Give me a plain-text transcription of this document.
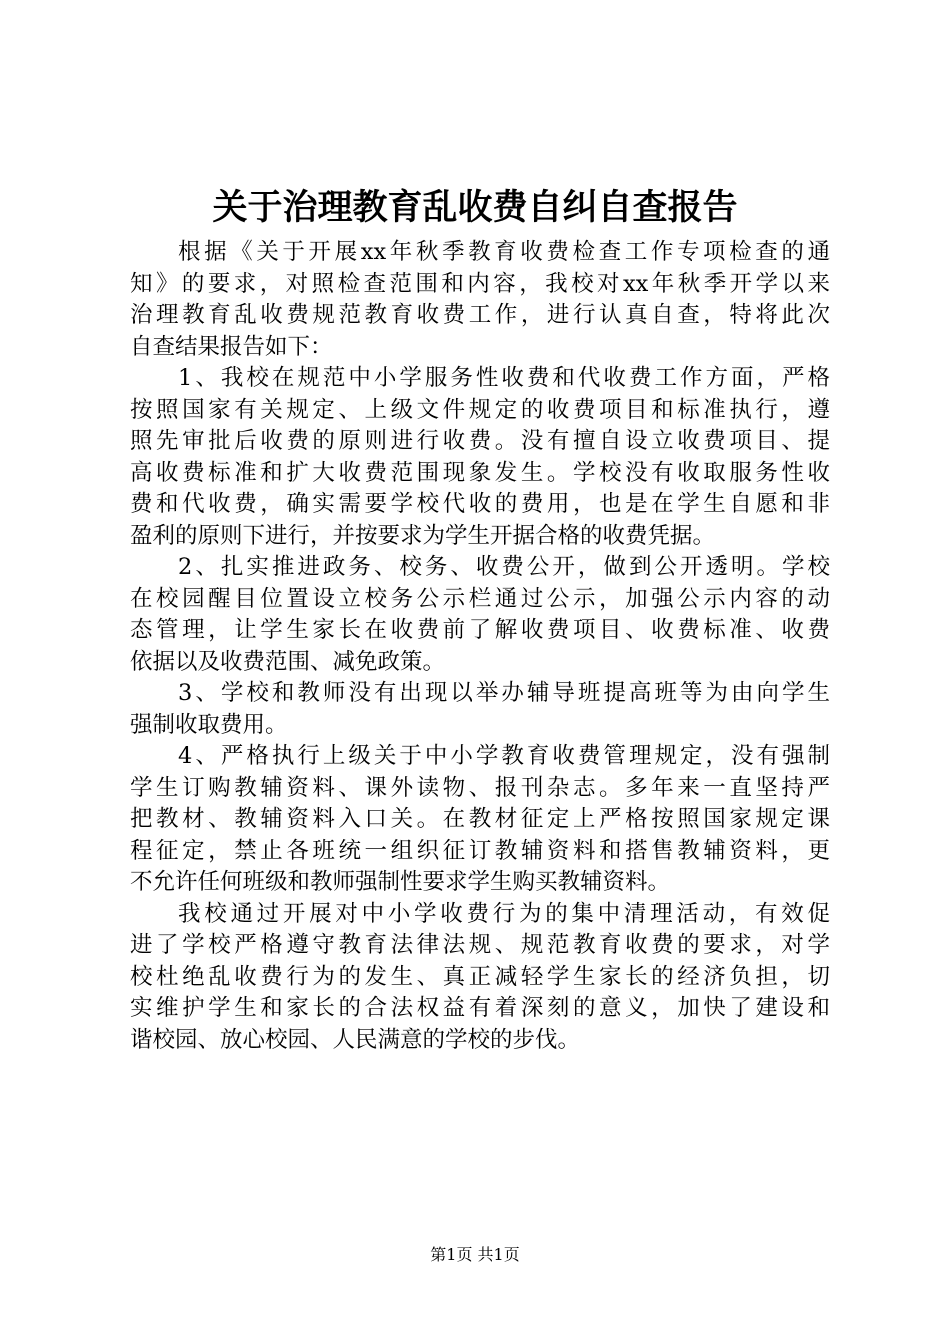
关于治理教育乱收费自纠自查报告
根据《关于开展xx年秋季教育收费检查工作专项检查的通
知》的要求，对照检查范围和内容，我校对xx年秋季开学以来
治理教育乱收费规范教育收费工作，进行认真自查，特将此次
自查结果报告如下：
1、我校在规范中小学服务性收费和代收费工作方面，严格
按照国家有关规定、上级文件规定的收费项目和标准执行，遵
照先审批后收费的原则进行收费。没有擅自设立收费项目、提
高收费标准和扩大收费范围现象发生。学校没有收取服务性收
费和代收费，确实需要学校代收的费用，也是在学生自愿和非
盈利的原则下进行，并按要求为学生开据合格的收费凭据。
2、扎实推进政务、校务、收费公开，做到公开透明。学校
在校园醒目位置设立校务公示栏通过公示，加强公示内容的动
态管理，让学生家长在收费前了解收费项目、收费标准、收费
依据以及收费范围、减免政策。
3、学校和教师没有出现以举办辅导班提高班等为由向学生
强制收取费用。
4、严格执行上级关于中小学教育收费管理规定，没有强制
学生订购教辅资料、课外读物、报刊杂志。多年来一直坚持严
把教材、教辅资料入口关。在教材征定上严格按照国家规定课
程征定，禁止各班统一组织征订教辅资料和搭售教辅资料，更
不允许任何班级和教师强制性要求学生购买教辅资料。
我校通过开展对中小学收费行为的集中清理活动，有效促
进了学校严格遵守教育法律法规、规范教育收费的要求，对学
校杜绝乱收费行为的发生、真正减轻学生家长的经济负担，切
实维护学生和家长的合法权益有着深刻的意义，加快了建设和
谐校园、放心校园、人民满意的学校的步伐。
第1页 共1页
